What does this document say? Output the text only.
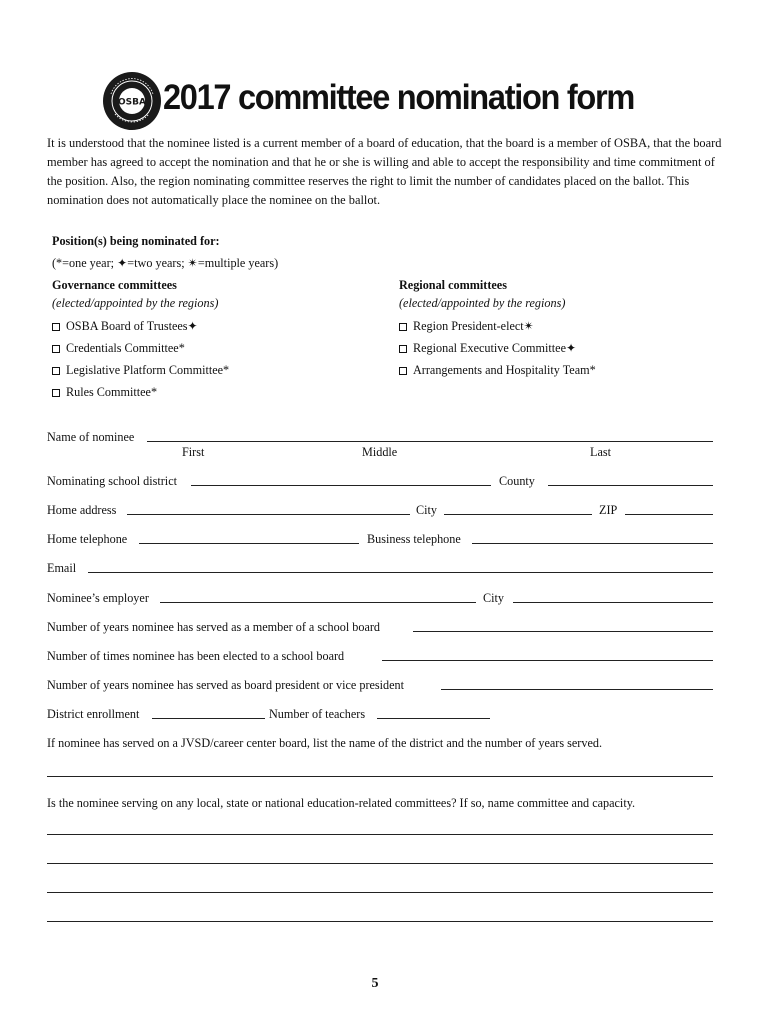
OSBA 2017 committee nomination form
It is understood that the nominee listed is a current member of a board of education, that the board is a member of OSBA, that the board member has agreed to accept the nomination and that he or she is willing and able to accept the responsibility and time commitment of the position. Also, the region nominating committee reserves the right to limit the number of candidates placed on the ballot. This nomination does not automatically place the nominee on the ballot.
Position(s) being nominated for:
(*=one year; ✦=two years; ✴=multiple years)
Governance committees
(elected/appointed by the regions)
OSBA Board of Trustees✦
Credentials Committee*
Legislative Platform Committee*
Rules Committee*
Regional committees
(elected/appointed by the regions)
Region President-elect✴
Regional Executive Committee✦
Arrangements and Hospitality Team*
Name of nominee
First	Middle	Last
Nominating school district	County
Home address	City	ZIP
Home telephone	Business telephone
Email
Nominee’s employer	City
Number of years nominee has served as a member of a school board
Number of times nominee has been elected to a school board
Number of years nominee has served as board president or vice president
District enrollment	Number of teachers
If nominee has served on a JVSD/career center board, list the name of the district and the number of years served.
Is the nominee serving on any local, state or national education-related committees? If so, name committee and capacity.
5
